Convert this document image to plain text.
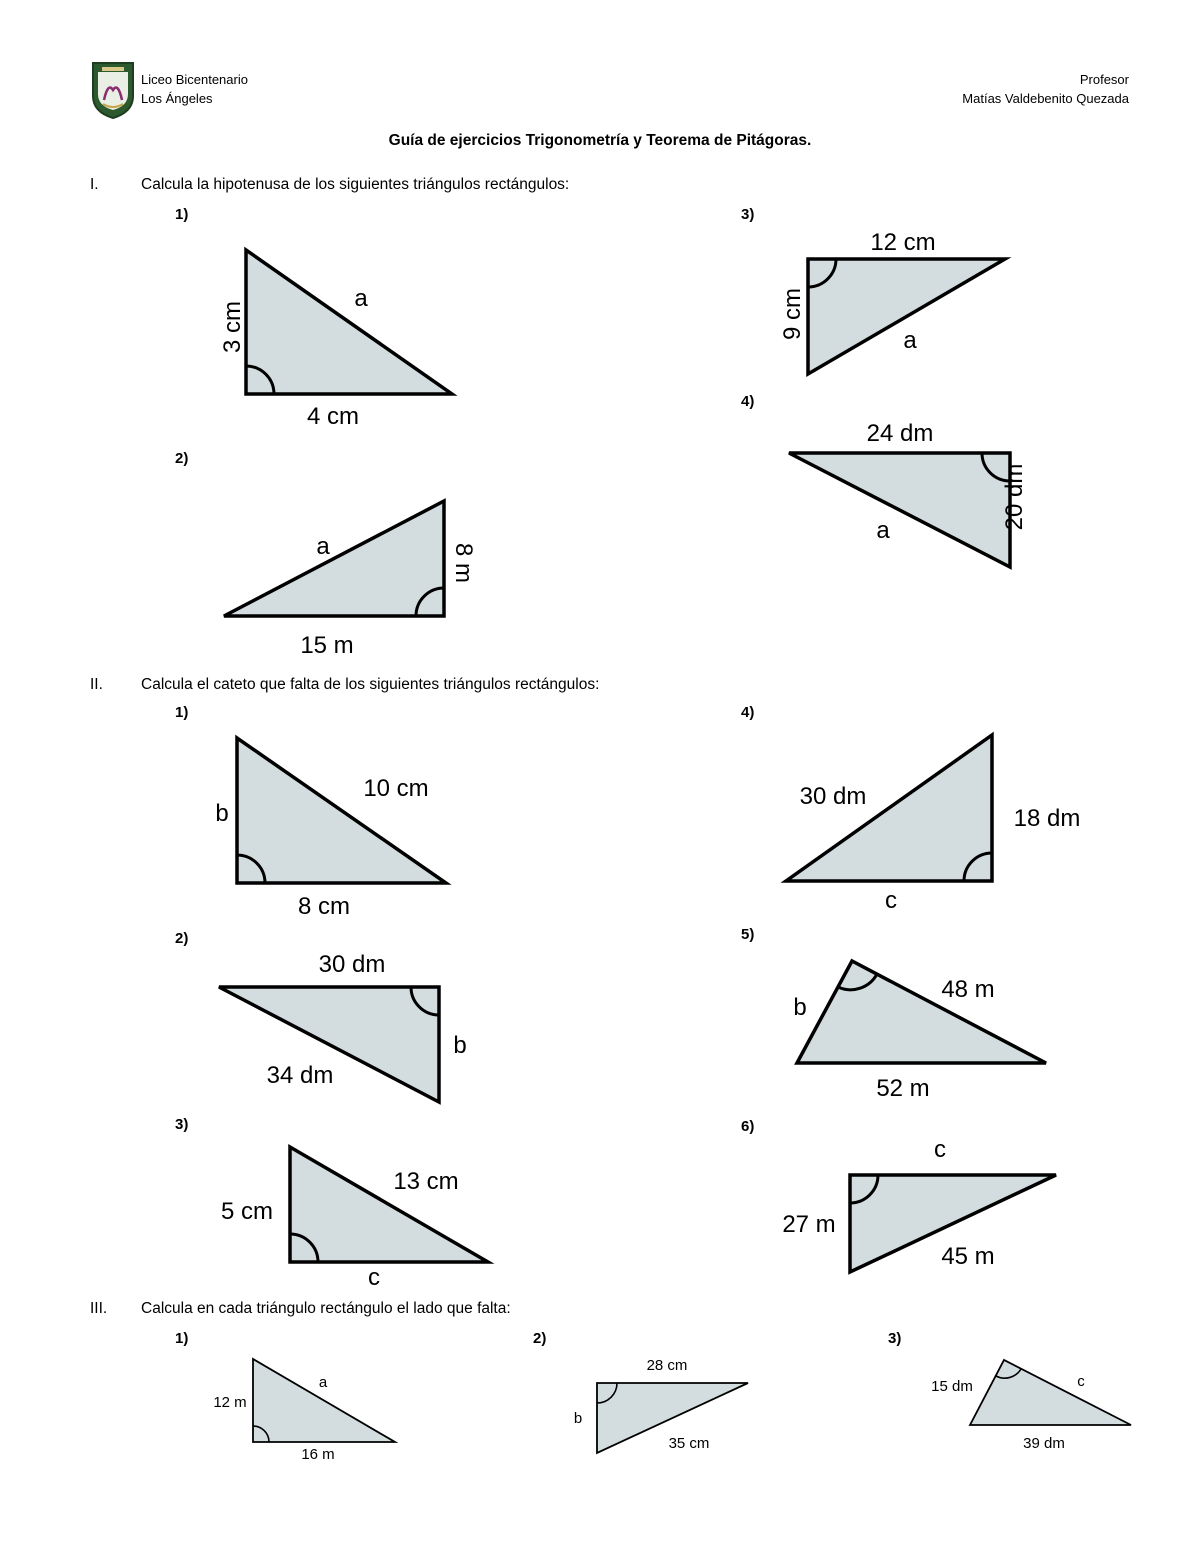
Liceo Bicentenario
Los Ángeles
Profesor
Matías Valdebenito Quezada
Guía de ejercicios Trigonometría y Teorema de Pitágoras.
I.	Calcula la hipotenusa de los siguientes triángulos rectángulos:
II. Calcula el cateto que falta de los siguientes triángulos rectángulos:
III. Calcula en cada triángulo rectángulo el lado que falta:
1)
2)
3)
4)
1)
2)
3)
4)
5)
6)
1)	2)	3)
3 cm
4 cm
a
a	8 m
15 m
12 cm
9 cm
a
24 dm
20 dm
a
b
10 cm
8 cm
30 dm
b
34 dm
5 cm
13 cm
c
30 dm
18 dm
c
b
48 m
52 m
c
27 m
45 m
12 m
a
16 m
28 cm
b
35 cm
15 dm	c
39 dm
